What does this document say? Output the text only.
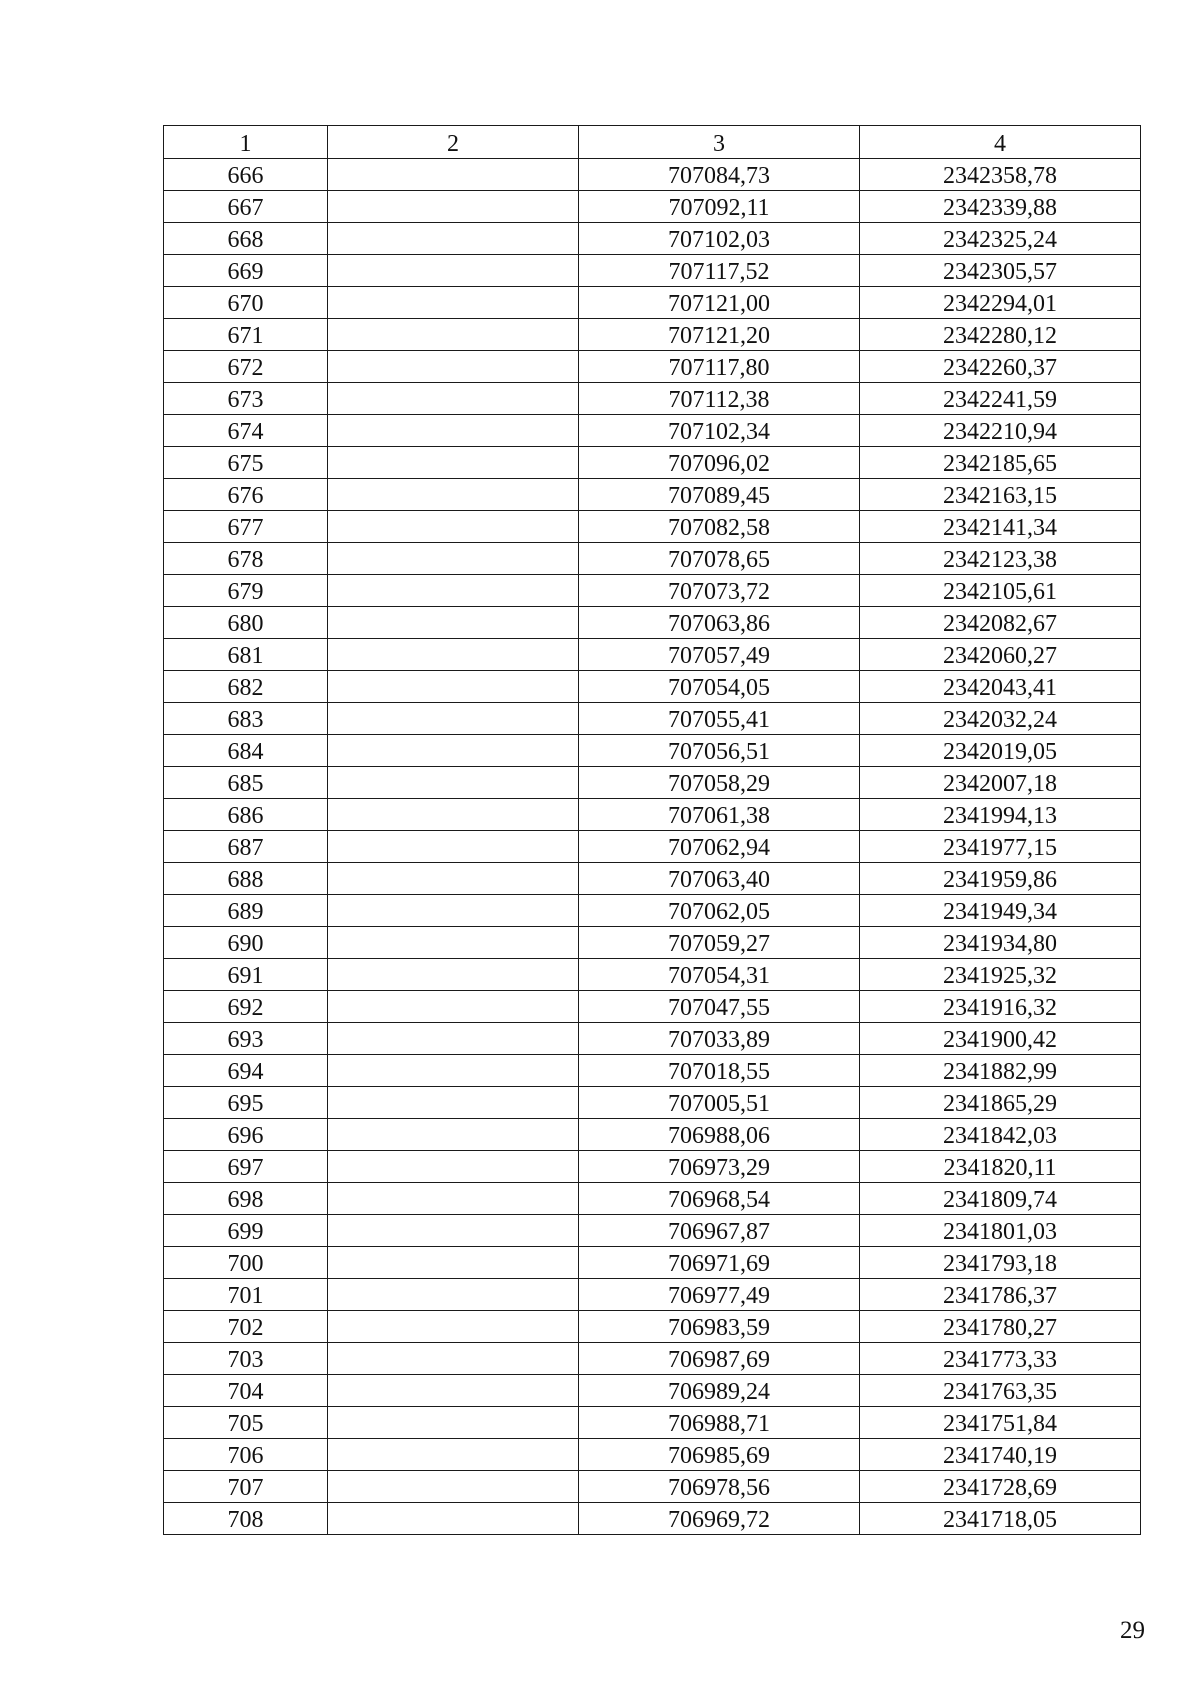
1	2	3	4
666		707084,73	2342358,78
667		707092,11	2342339,88
668		707102,03	2342325,24
669		707117,52	2342305,57
670		707121,00	2342294,01
671		707121,20	2342280,12
672		707117,80	2342260,37
673		707112,38	2342241,59
674		707102,34	2342210,94
675		707096,02	2342185,65
676		707089,45	2342163,15
677		707082,58	2342141,34
678		707078,65	2342123,38
679		707073,72	2342105,61
680		707063,86	2342082,67
681		707057,49	2342060,27
682		707054,05	2342043,41
683		707055,41	2342032,24
684		707056,51	2342019,05
685		707058,29	2342007,18
686		707061,38	2341994,13
687		707062,94	2341977,15
688		707063,40	2341959,86
689		707062,05	2341949,34
690		707059,27	2341934,80
691		707054,31	2341925,32
692		707047,55	2341916,32
693		707033,89	2341900,42
694		707018,55	2341882,99
695		707005,51	2341865,29
696		706988,06	2341842,03
697		706973,29	2341820,11
698		706968,54	2341809,74
699		706967,87	2341801,03
700		706971,69	2341793,18
701		706977,49	2341786,37
702		706983,59	2341780,27
703		706987,69	2341773,33
704		706989,24	2341763,35
705		706988,71	2341751,84
706		706985,69	2341740,19
707		706978,56	2341728,69
708		706969,72	2341718,05
29
